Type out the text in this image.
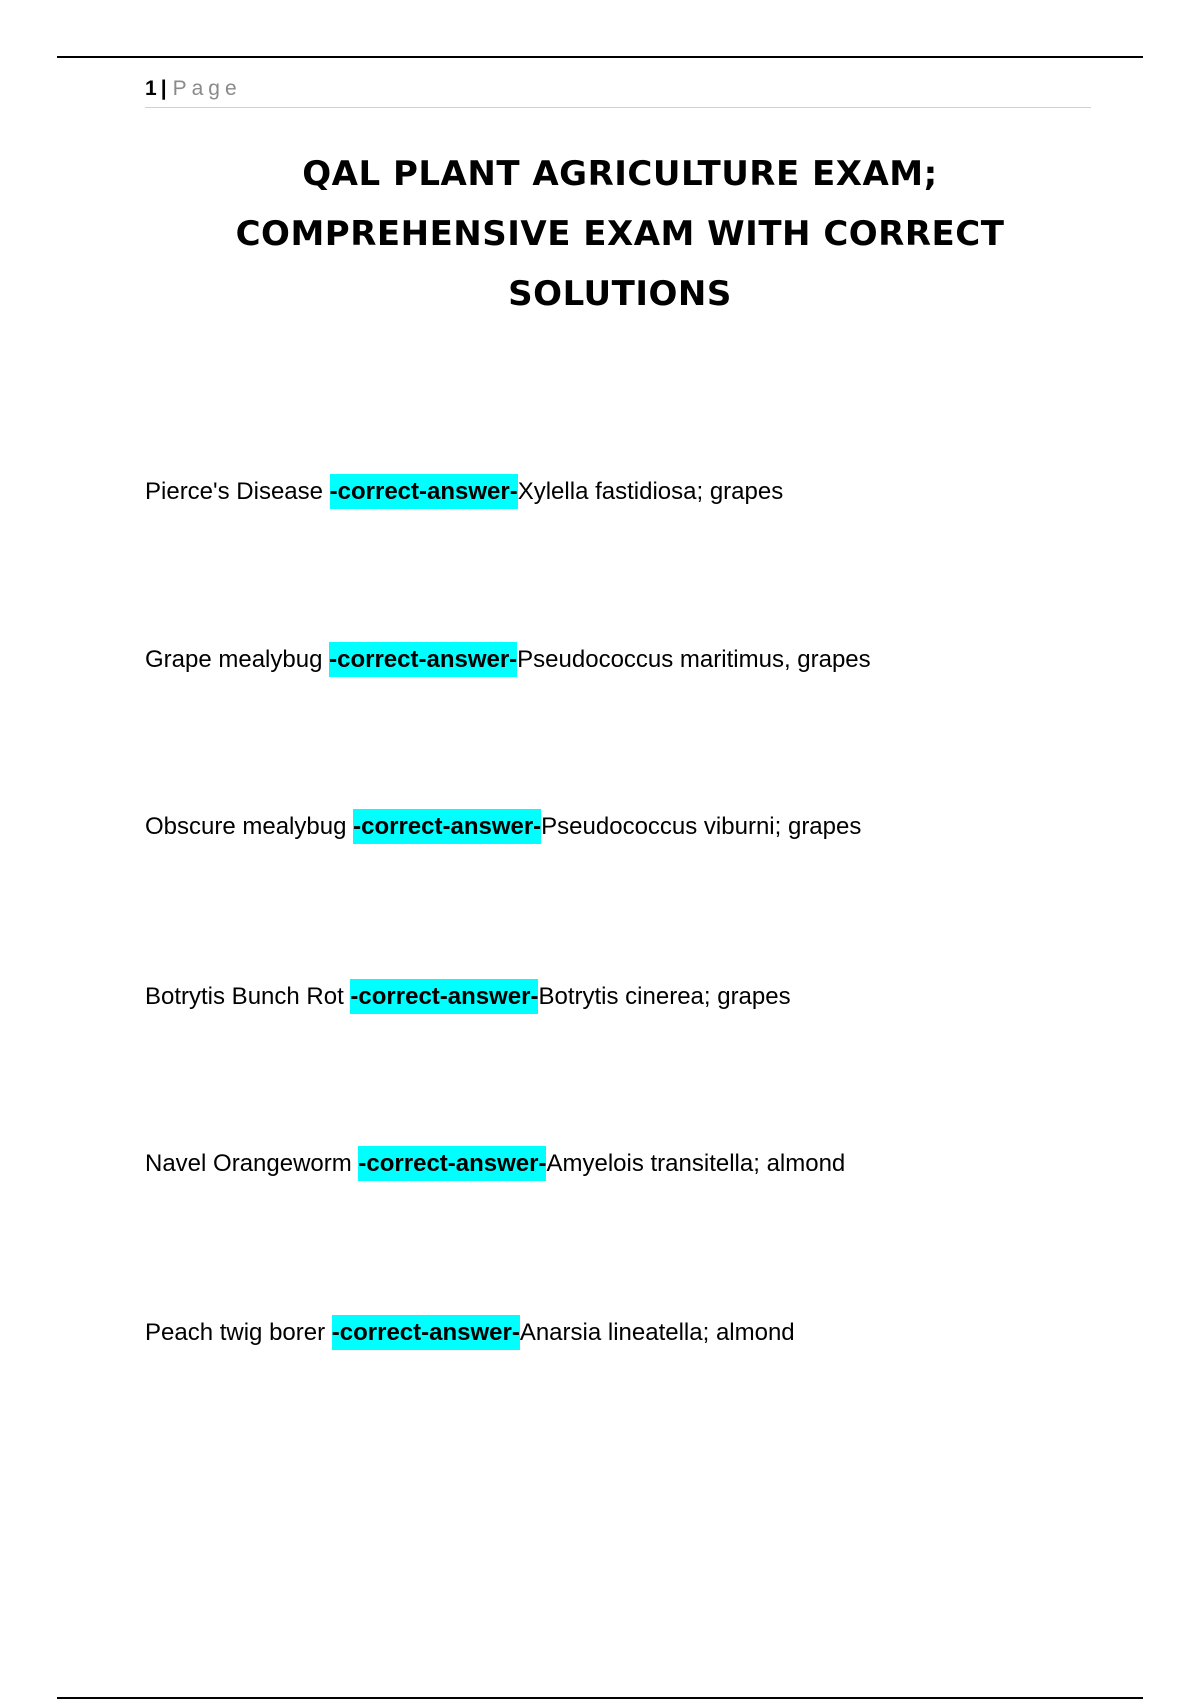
1 | Page
QAL PLANT AGRICULTURE EXAM; COMPREHENSIVE EXAM WITH CORRECT SOLUTIONS
Pierce's Disease -correct-answer-Xylella fastidiosa; grapes
Grape mealybug -correct-answer-Pseudococcus maritimus, grapes
Obscure mealybug -correct-answer-Pseudococcus viburni; grapes
Botrytis Bunch Rot -correct-answer-Botrytis cinerea; grapes
Navel Orangeworm -correct-answer-Amyelois transitella; almond
Peach twig borer -correct-answer-Anarsia lineatella; almond
